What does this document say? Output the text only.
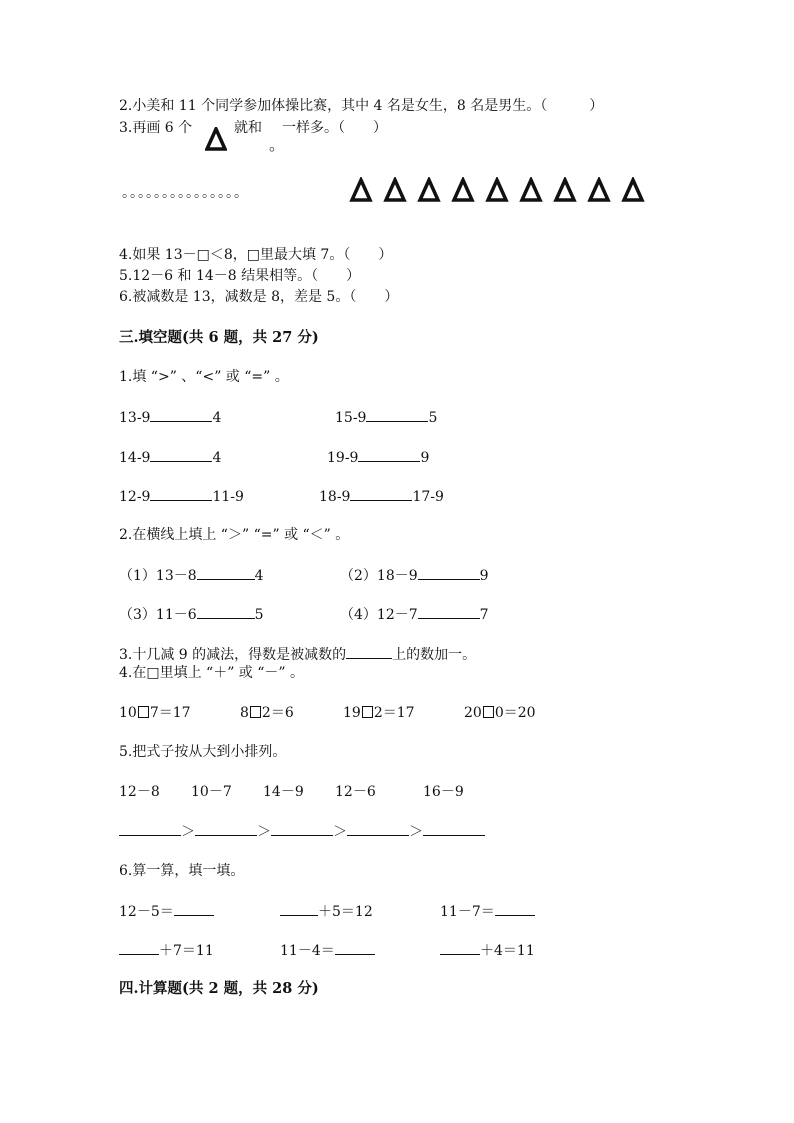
2.小美和 11 个同学参加体操比赛，其中 4 名是女生，8 名是男生。（　　　）
3.再画 6 个	就和 一样多。（　　）
。
。。。。。。。。。。。。。。。
4.如果 13－□＜8，□里最大填 7。（　　）
5.12－6 和 14－8 结果相等。（　　）
6.被减数是 13，减数是 8，差是 5。（　　）
三.填空题(共 6 题，共 27 分)
1.填 “>” 、“<” 或 “=” 。
13-9	4	15-9	5
14-9	4	19-9	9
12-9	11-9	18-9	17-9
2.在横线上填上 “＞” “=” 或 “＜” 。
（1）13－8	4	（2）18－9	9
（3）11－6	5	（4）12－7	7
3.十几减 9 的减法，得数是被减数的	上的数加一。
4.在□里填上 “＋” 或 “－” 。
10 7＝17	8 2＝6	19 2＝17	20 0＝20
5.把式子按从大到小排列。
12－8 10－7 14－9 12－6	16－9
＞	＞	＞	＞
6.算一算，填一填。
12－5＝	＋5＝12	11－7＝
＋7＝11	11－4＝	＋4＝11
四.计算题(共 2 题，共 28 分)
